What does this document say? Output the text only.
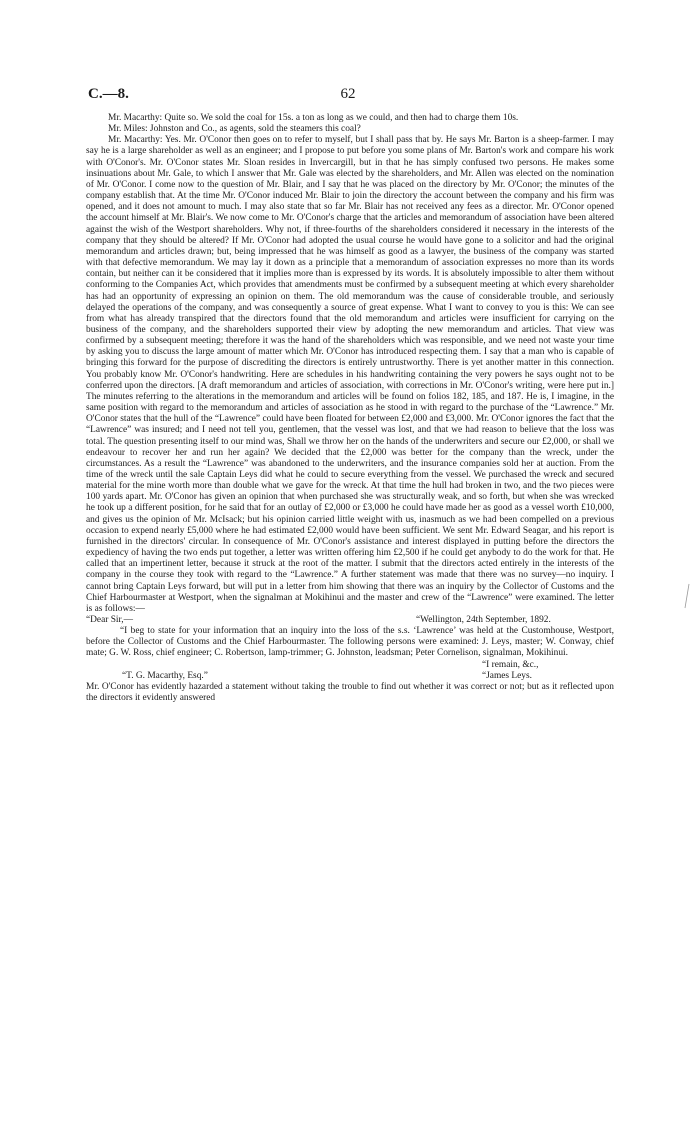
C.—8.	62

Mr. Macarthy: Quite so. We sold the coal for 15s. a ton as long as we could, and then had to charge them 10s.

Mr. Miles: Johnston and Co., as agents, sold the steamers this coal?

Mr. Macarthy: Yes. Mr. O'Conor then goes on to refer to myself, but I shall pass that by. He says Mr. Barton is a sheep-farmer. I may say he is a large shareholder as well as an engineer; and I propose to put before you some plans of Mr. Barton's work and compare his work with O'Conor's. Mr. O'Conor states Mr. Sloan resides in Invercargill, but in that he has simply confused two persons. He makes some insinuations about Mr. Gale, to which I answer that Mr. Gale was elected by the shareholders, and Mr. Allen was elected on the nomination of Mr. O'Conor. I come now to the question of Mr. Blair, and I say that he was placed on the directory by Mr. O'Conor; the minutes of the company establish that. At the time Mr. O'Conor induced Mr. Blair to join the directory the account between the company and his firm was opened, and it does not amount to much. I may also state that so far Mr. Blair has not received any fees as a director. Mr. O'Conor opened the account himself at Mr. Blair's. We now come to Mr. O'Conor's charge that the articles and memorandum of association have been altered against the wish of the Westport shareholders. Why not, if three-fourths of the shareholders considered it necessary in the interests of the company that they should be altered? If Mr. O'Conor had adopted the usual course he would have gone to a solicitor and had the original memorandum and articles drawn; but, being impressed that he was himself as good as a lawyer, the business of the company was started with that defective memorandum. We may lay it down as a principle that a memorandum of association expresses no more than its words contain, but neither can it be considered that it implies more than is expressed by its words. It is absolutely impossible to alter them without conforming to the Companies Act, which provides that amendments must be confirmed by a subsequent meeting at which every shareholder has had an opportunity of expressing an opinion on them. The old memorandum was the cause of considerable trouble, and seriously delayed the operations of the company, and was consequently a source of great expense. What I want to convey to you is this: We can see from what has already transpired that the directors found that the old memorandum and articles were insufficient for carrying on the business of the company, and the shareholders supported their view by adopting the new memorandum and articles. That view was confirmed by a subsequent meeting; therefore it was the hand of the shareholders which was responsible, and we need not waste your time by asking you to discuss the large amount of matter which Mr. O'Conor has introduced respecting them. I say that a man who is capable of bringing this forward for the purpose of discrediting the directors is entirely untrustworthy. There is yet another matter in this connection. You probably know Mr. O'Conor's handwriting. Here are schedules in his handwriting containing the very powers he says ought not to be conferred upon the directors. [A draft memorandum and articles of association, with corrections in Mr. O'Conor's writing, were here put in.] The minutes referring to the alterations in the memorandum and articles will be found on folios 182, 185, and 187. He is, I imagine, in the same position with regard to the memorandum and articles of association as he stood in with regard to the purchase of the “Lawrence.” Mr. O'Conor states that the hull of the “Lawrence” could have been floated for between £2,000 and £3,000. Mr. O'Conor ignores the fact that the “Lawrence” was insured; and I need not tell you, gentlemen, that the vessel was lost, and that we had reason to believe that the loss was total. The question presenting itself to our mind was, Shall we throw her on the hands of the underwriters and secure our £2,000, or shall we endeavour to recover her and run her again? We decided that the £2,000 was better for the company than the wreck, under the circumstances. As a result the “Lawrence” was abandoned to the underwriters, and the insurance companies sold her at auction. From the time of the wreck until the sale Captain Leys did what he could to secure everything from the vessel. We purchased the wreck and secured material for the mine worth more than double what we gave for the wreck. At that time the hull had broken in two, and the two pieces were 100 yards apart. Mr. O'Conor has given an opinion that when purchased she was structurally weak, and so forth, but when she was wrecked he took up a different position, for he said that for an outlay of £2,000 or £3,000 he could have made her as good as a vessel worth £10,000, and gives us the opinion of Mr. McIsack; but his opinion carried little weight with us, inasmuch as we had been compelled on a previous occasion to expend nearly £5,000 where he had estimated £2,000 would have been sufficient. We sent Mr. Edward Seagar, and his report is furnished in the directors' circular. In consequence of Mr. O'Conor's assistance and interest displayed in putting before the directors the expediency of having the two ends put together, a letter was written offering him £2,500 if he could get anybody to do the work for that. He called that an impertinent letter, because it struck at the root of the matter. I submit that the directors acted entirely in the interests of the company in the course they took with regard to the “Lawrence.” A further statement was made that there was no survey—no inquiry. I cannot bring Captain Leys forward, but will put in a letter from him showing that there was an inquiry by the Collector of Customs and the Chief Harbourmaster at Westport, when the signalman at Mokihinui and the master and crew of the “Lawrence” were examined. The letter is as follows:—

“Dear Sir,—	“Wellington, 24th September, 1892.

“I beg to state for your information that an inquiry into the loss of the s.s. ‘Lawrence’ was held at the Customhouse, Westport, before the Collector of Customs and the Chief Harbourmaster. The following persons were examined: J. Leys, master; W. Conway, chief mate; G. W. Ross, chief engineer; C. Robertson, lamp-trimmer; G. Johnston, leadsman; Peter Cornelison, signalman, Mokihinui.

“I remain, &c.,
“T. G. Macarthy, Esq.”	“James Leys.

Mr. O'Conor has evidently hazarded a statement without taking the trouble to find out whether it was correct or not; but as it reflected upon the directors it evidently answered
